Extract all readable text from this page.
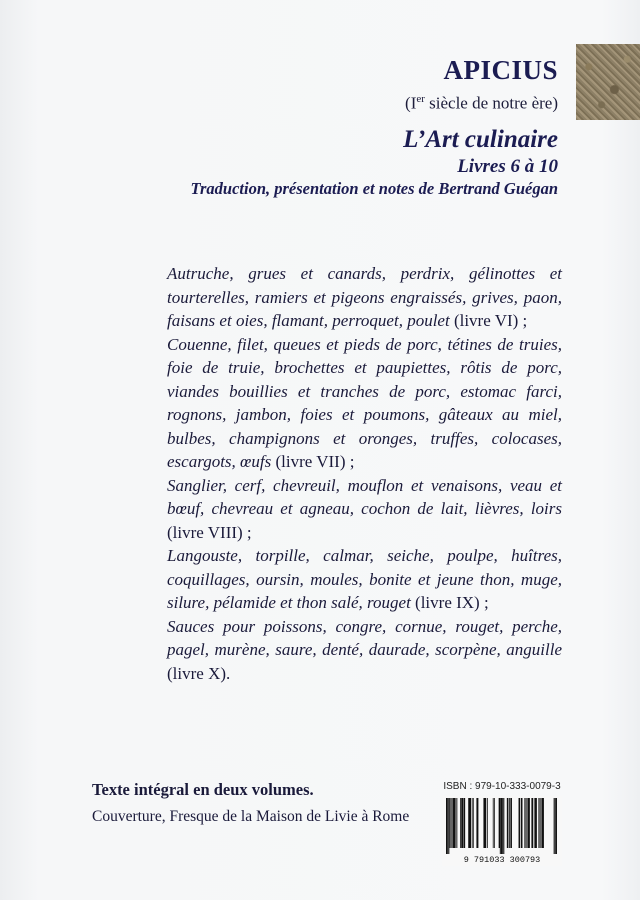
APICIUS
(Ier siècle de notre ère)
L’Art culinaire
Livres 6 à 10
Traduction, présentation et notes de Bertrand Guégan

Autruche, grues et canards, perdrix, gélinottes et tourterelles, ramiers et pigeons engraissés, grives, paon, faisans et oies, flamant, perroquet, poulet (livre VI) ;

Couenne, filet, queues et pieds de porc, tétines de truies, foie de truie, brochettes et paupiettes, rôtis de porc, viandes bouillies et tranches de porc, estomac farci, rognons, jambon, foies et poumons, gâteaux au miel, bulbes, champignons et oronges, truffes, colocases, escargots, œufs (livre VII) ;

Sanglier, cerf, chevreuil, mouflon et venaisons, veau et bœuf, chevreau et agneau, cochon de lait, lièvres, loirs (livre VIII) ;

Langouste, torpille, calmar, seiche, poulpe, huîtres, coquillages, oursin, moules, bonite et jeune thon, muge, silure, pélamide et thon salé, rouget (livre IX) ;

Sauces pour poissons, congre, cornue, rouget, perche, pagel, murène, saure, denté, daurade, scorpène, anguille (livre X).

Texte intégral en deux volumes.
Couverture, Fresque de la Maison de Livie à Rome
ISBN : 979-10-333-0079-3
9 791033 300793
